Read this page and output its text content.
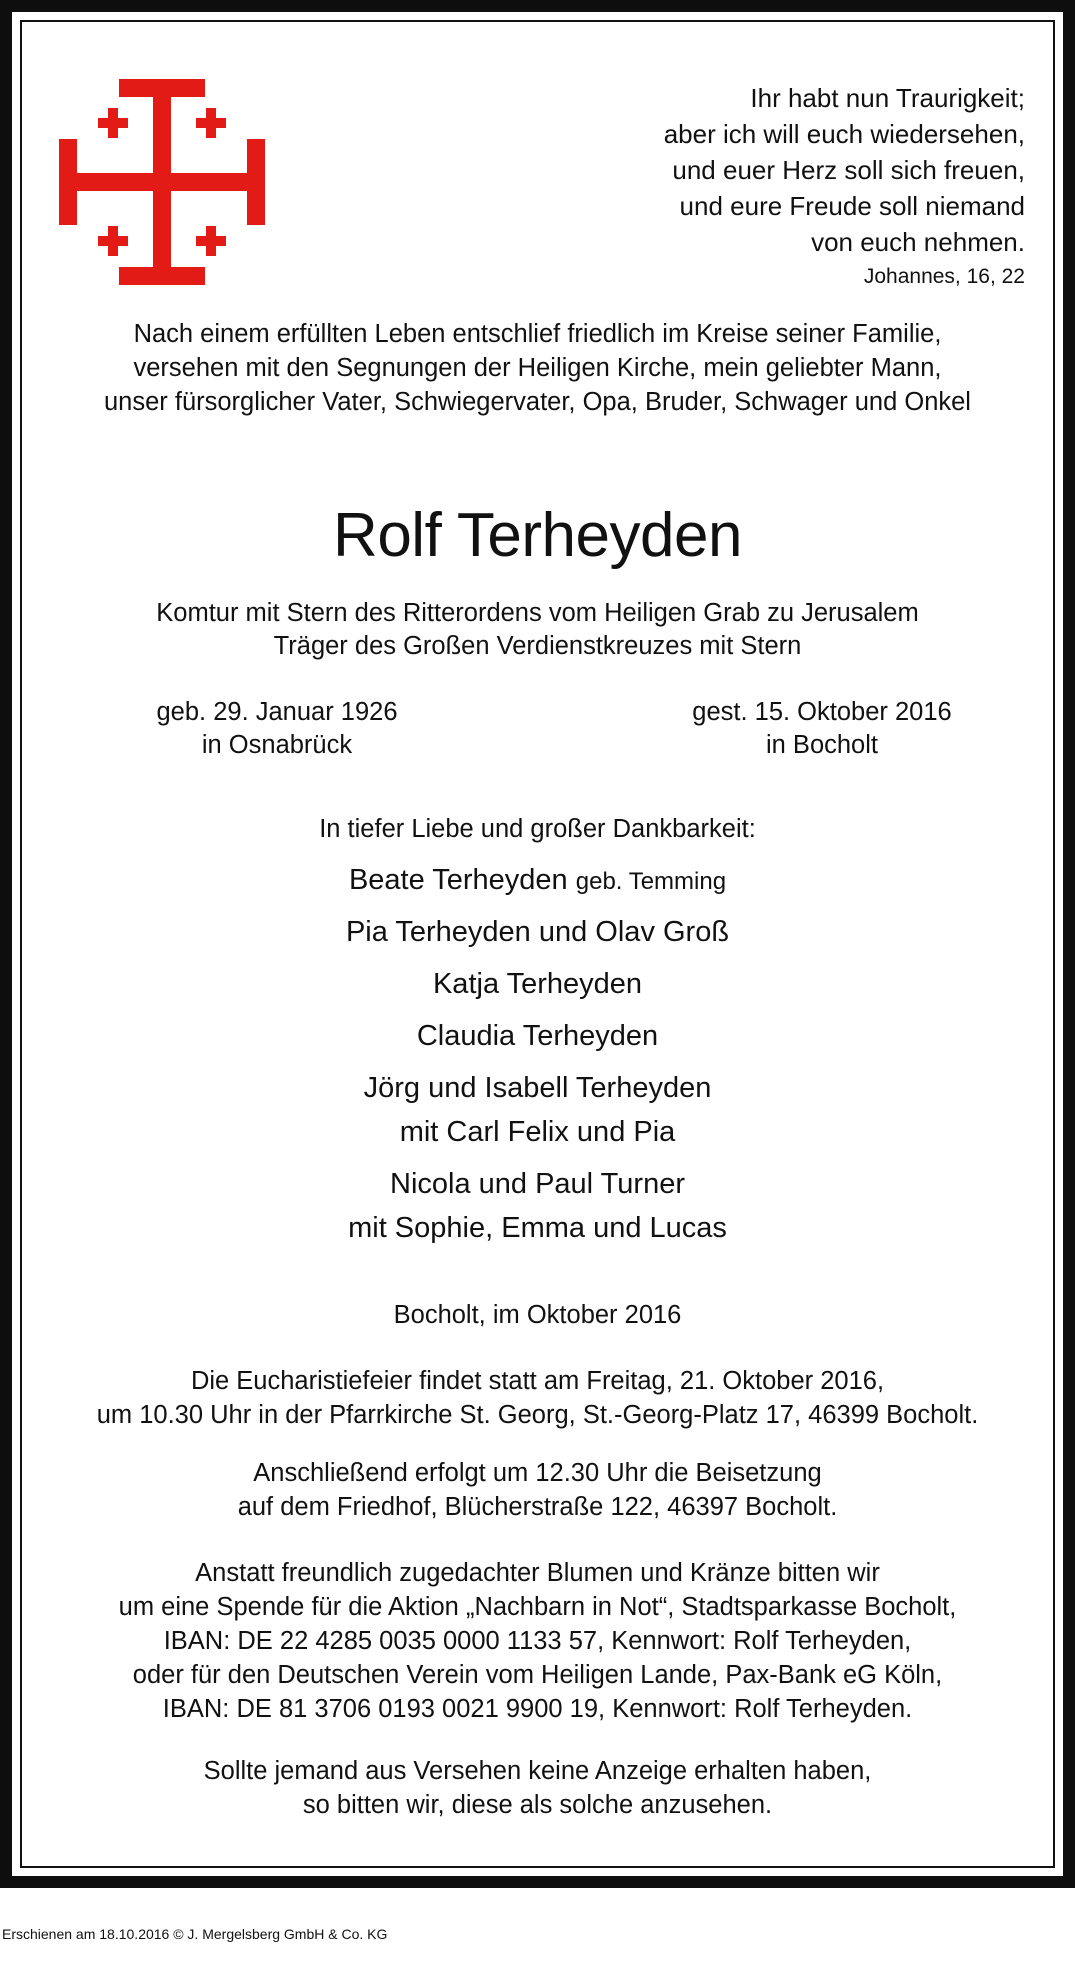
Ihr habt nun Traurigkeit;
aber ich will euch wiedersehen,
und euer Herz soll sich freuen,
und eure Freude soll niemand
von euch nehmen.
Johannes, 16, 22
Nach einem erfüllten Leben entschlief friedlich im Kreise seiner Familie,
versehen mit den Segnungen der Heiligen Kirche, mein geliebter Mann,
unser fürsorglicher Vater, Schwiegervater, Opa, Bruder, Schwager und Onkel
Rolf Terheyden
Komtur mit Stern des Ritterordens vom Heiligen Grab zu Jerusalem
Träger des Großen Verdienstkreuzes mit Stern
geb. 29. Januar 1926
in Osnabrück
gest. 15. Oktober 2016
in Bocholt
In tiefer Liebe und großer Dankbarkeit:
Beate Terheyden geb. Temming
Pia Terheyden und Olav Groß
Katja Terheyden
Claudia Terheyden
Jörg und Isabell Terheyden
mit Carl Felix und Pia
Nicola und Paul Turner
mit Sophie, Emma und Lucas
Bocholt, im Oktober 2016
Die Eucharistiefeier findet statt am Freitag, 21. Oktober 2016,
um 10.30 Uhr in der Pfarrkirche St. Georg, St.-Georg-Platz 17, 46399 Bocholt.
Anschließend erfolgt um 12.30 Uhr die Beisetzung
auf dem Friedhof, Blücherstraße 122, 46397 Bocholt.
Anstatt freundlich zugedachter Blumen und Kränze bitten wir
um eine Spende für die Aktion „Nachbarn in Not“, Stadtsparkasse Bocholt,
IBAN: DE 22 4285 0035 0000 1133 57, Kennwort: Rolf Terheyden,
oder für den Deutschen Verein vom Heiligen Lande, Pax-Bank eG Köln,
IBAN: DE 81 3706 0193 0021 9900 19, Kennwort: Rolf Terheyden.
Sollte jemand aus Versehen keine Anzeige erhalten haben,
so bitten wir, diese als solche anzusehen.
Erschienen am 18.10.2016 © J. Mergelsberg GmbH & Co. KG
